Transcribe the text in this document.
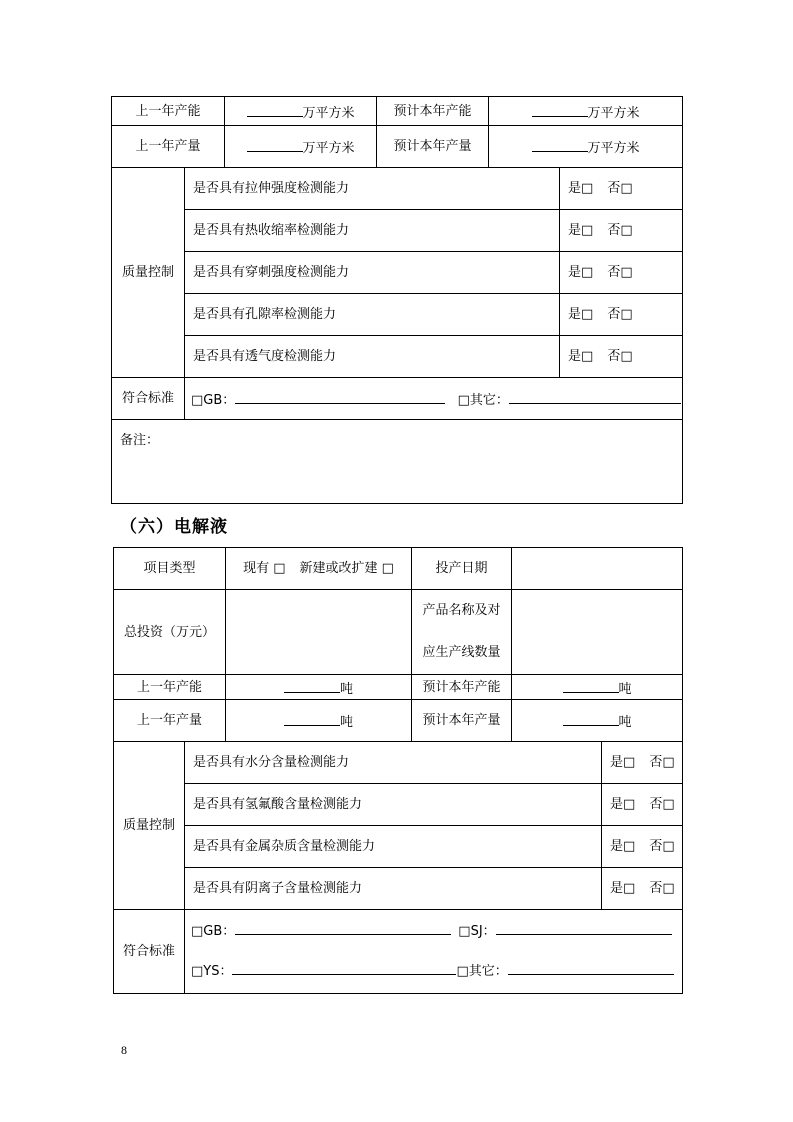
上一年产能		万平方米	预计本年产能	万平方米	
上一年产量		万平方米	预计本年产量	万平方米	
质量控制	是否具有拉伸强度检测能力				是□ 否□
	是否具有热收缩率检测能力				是□ 否□
	是否具有穿刺强度检测能力				是□ 否□
	是否具有孔隙率检测能力				是□ 否□
	是否具有透气度检测能力				是□ 否□
符合标准	□GB： □其它：				
备注：					
（六）电解液
项目类型		现有 □ 新建或改扩建 □	投产日期		
总投资（万元）			产品名称及对
应生产线数量		
上一年产能		吨	预计本年产能	吨	
上一年产量		吨	预计本年产量	吨	
质量控制	是否具有水分含量检测能力				是□ 否□
	是否具有氢氟酸含量检测能力				是□ 否□
	是否具有金属杂质含量检测能力				是□ 否□
	是否具有阴离子含量检测能力				是□ 否□
符合标准	□GB： □SJ：
□YS： □其它：				
8
